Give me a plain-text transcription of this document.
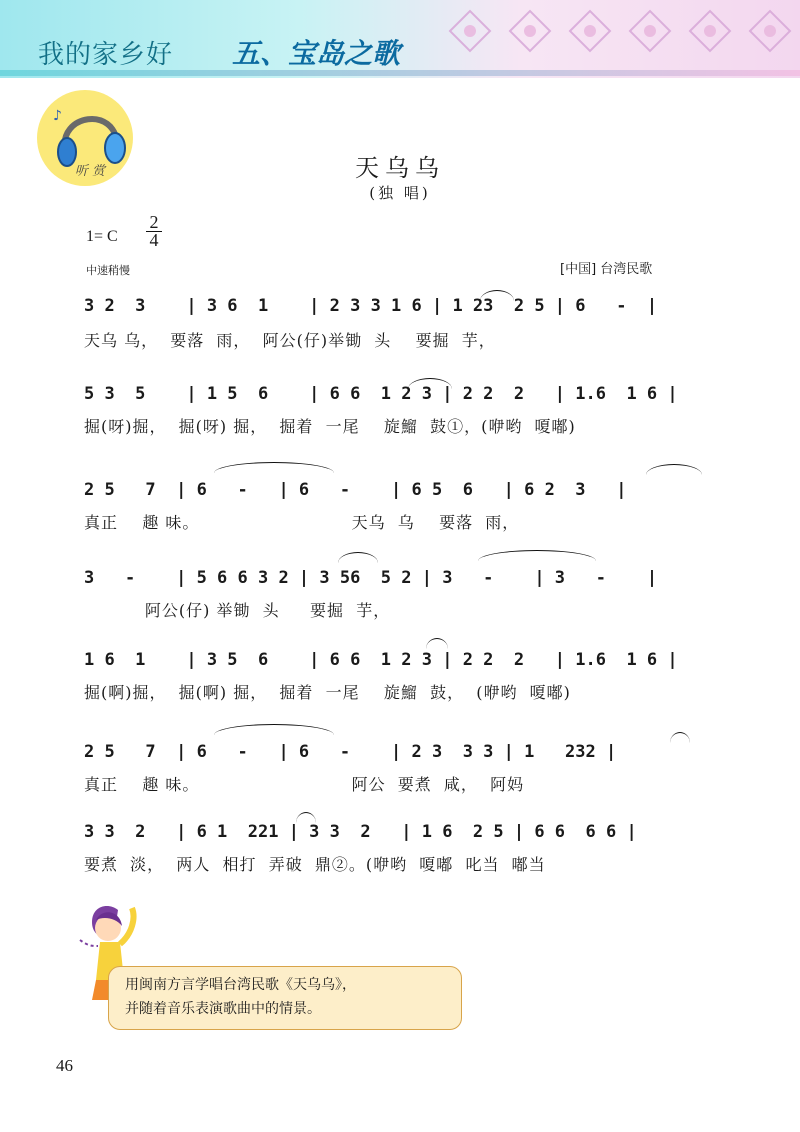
我的家乡好 五、宝岛之歌
♪
听 赏	天乌乌
(独 唱)
1= C
2
4
中速稍慢	[中国] 台湾民歌
3 2  3    | 3 6  1    | 2 3 3 1 6 | 1 23  2 5 | 6   -  |
天乌 乌，  要落  雨，  阿公(仔)举锄  头    要掘  芋，
5 3  5    | 1 5  6    | 6 6  1 2 3 | 2 2  2   | 1.6  1 6 |
掘(呀)掘，  掘(呀) 掘，  掘着  一尾    旋鰡  鼓①，(咿哟  嗄嘟)
2 5   7  | 6   -   | 6   -    | 6 5  6   | 6 2  3   |
真正    趣 味。                         天乌  乌    要落  雨，
3   -    | 5 6 6 3 2 | 3 56  5 2 | 3   -    | 3   -    |
阿公(仔) 举锄  头     要掘  芋，
1 6  1    | 3 5  6    | 6 6  1 2 3 | 2 2  2   | 1.6  1 6 |
掘(啊)掘，  掘(啊) 掘，  掘着  一尾    旋鰡  鼓，  (咿哟  嗄嘟)
2 5   7  | 6   -   | 6   -    | 2 3  3 3 | 1   232 |
真正    趣 味。                         阿公  要煮  咸，  阿妈
3 3  2   | 6 1  221 | 3 3  2   | 1 6  2 5 | 6 6  6 6 |
要煮  淡，  两人  相打  弄破  鼎②。(咿哟  嗄嘟  叱当  嘟当
用闽南方言学唱台湾民歌《天乌乌》，
并随着音乐表演歌曲中的情景。
46
